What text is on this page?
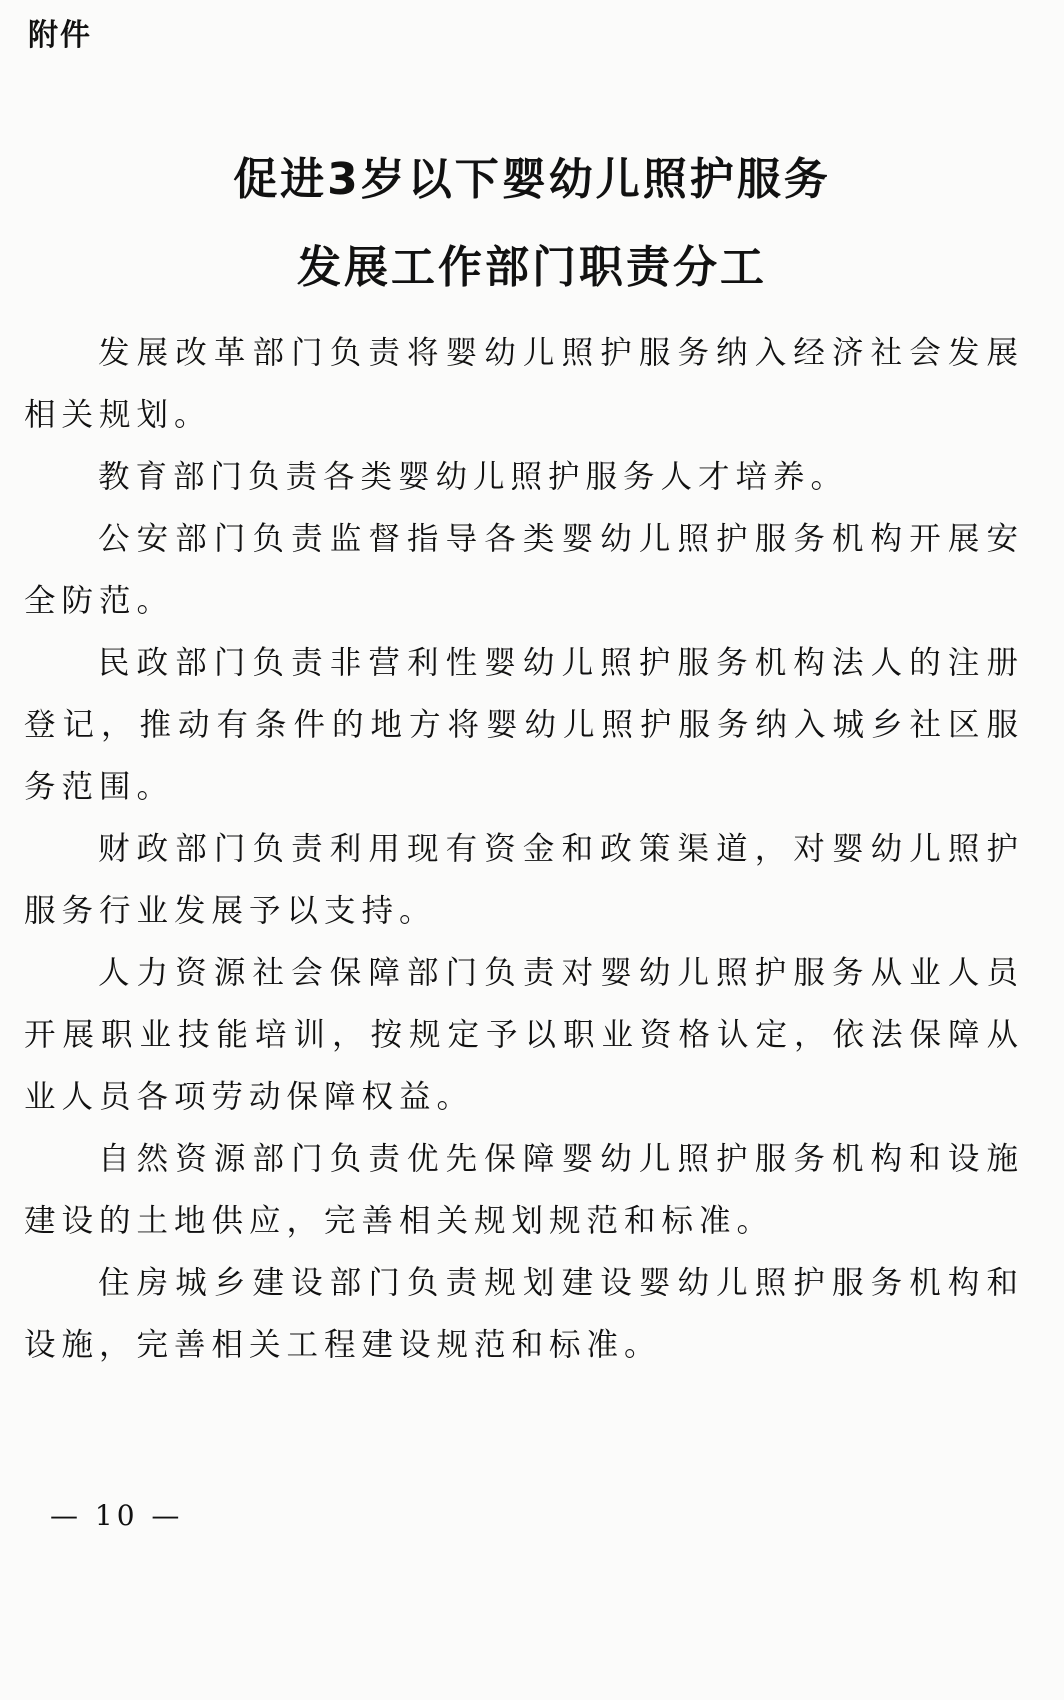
附件
促进3岁以下婴幼儿照护服务
发展工作部门职责分工

发展改革部门负责将婴幼儿照护服务纳入经济社会发展相关规划。

教育部门负责各类婴幼儿照护服务人才培养。

公安部门负责监督指导各类婴幼儿照护服务机构开展安全防范。

民政部门负责非营利性婴幼儿照护服务机构法人的注册登记，推动有条件的地方将婴幼儿照护服务纳入城乡社区服务范围。

财政部门负责利用现有资金和政策渠道，对婴幼儿照护服务行业发展予以支持。

人力资源社会保障部门负责对婴幼儿照护服务从业人员开展职业技能培训，按规定予以职业资格认定，依法保障从业人员各项劳动保障权益。

自然资源部门负责优先保障婴幼儿照护服务机构和设施建设的土地供应，完善相关规划规范和标准。

住房城乡建设部门负责规划建设婴幼儿照护服务机构和设施，完善相关工程建设规范和标准。

— 10 —
